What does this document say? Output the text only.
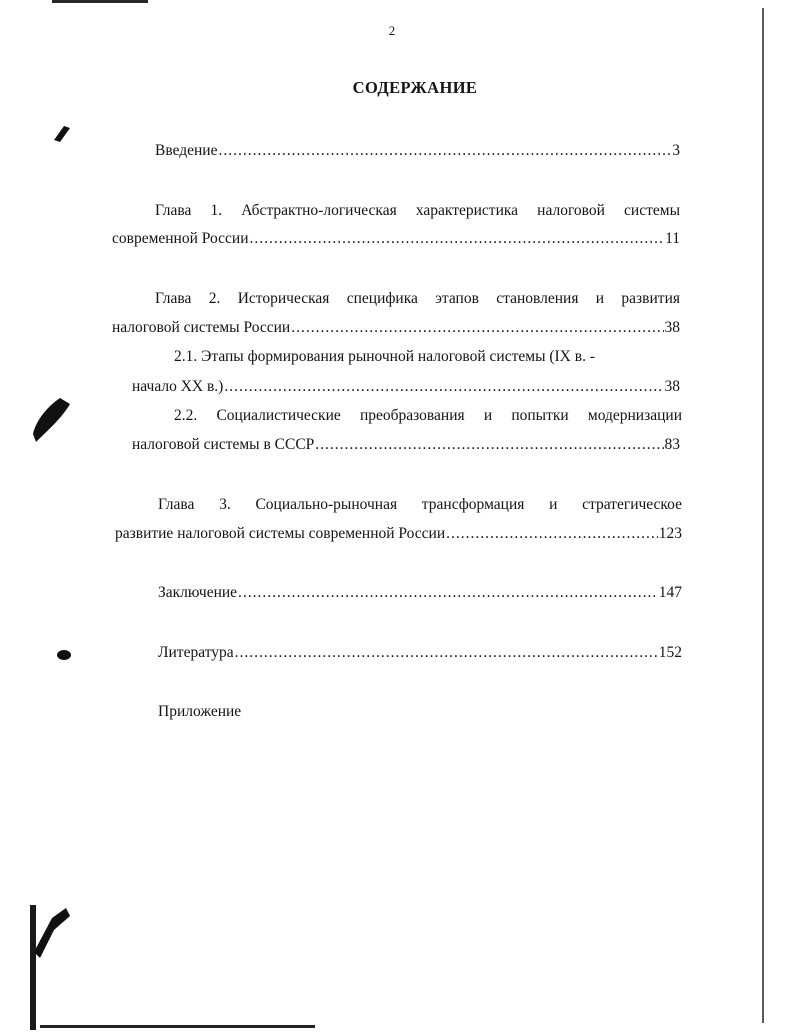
2
СОДЕРЖАНИЕ
Введение .....	3
Глава 1. Абстрактно-логическая характеристика налоговой системы
современной России .....	11
Глава 2. Историческая специфика этапов становления и развития
налоговой системы России .....	38
2.1. Этапы формирования рыночной налоговой системы (IX в. -
начало XX в.) .....	38
2.2. Социалистические преобразования и попытки модернизации
налоговой системы в СССР .....	83
Глава 3. Социально-рыночная трансформация и стратегическое
развитие налоговой системы современной России .....	123
Заключение .....	147
Литература .....	152
Приложение
